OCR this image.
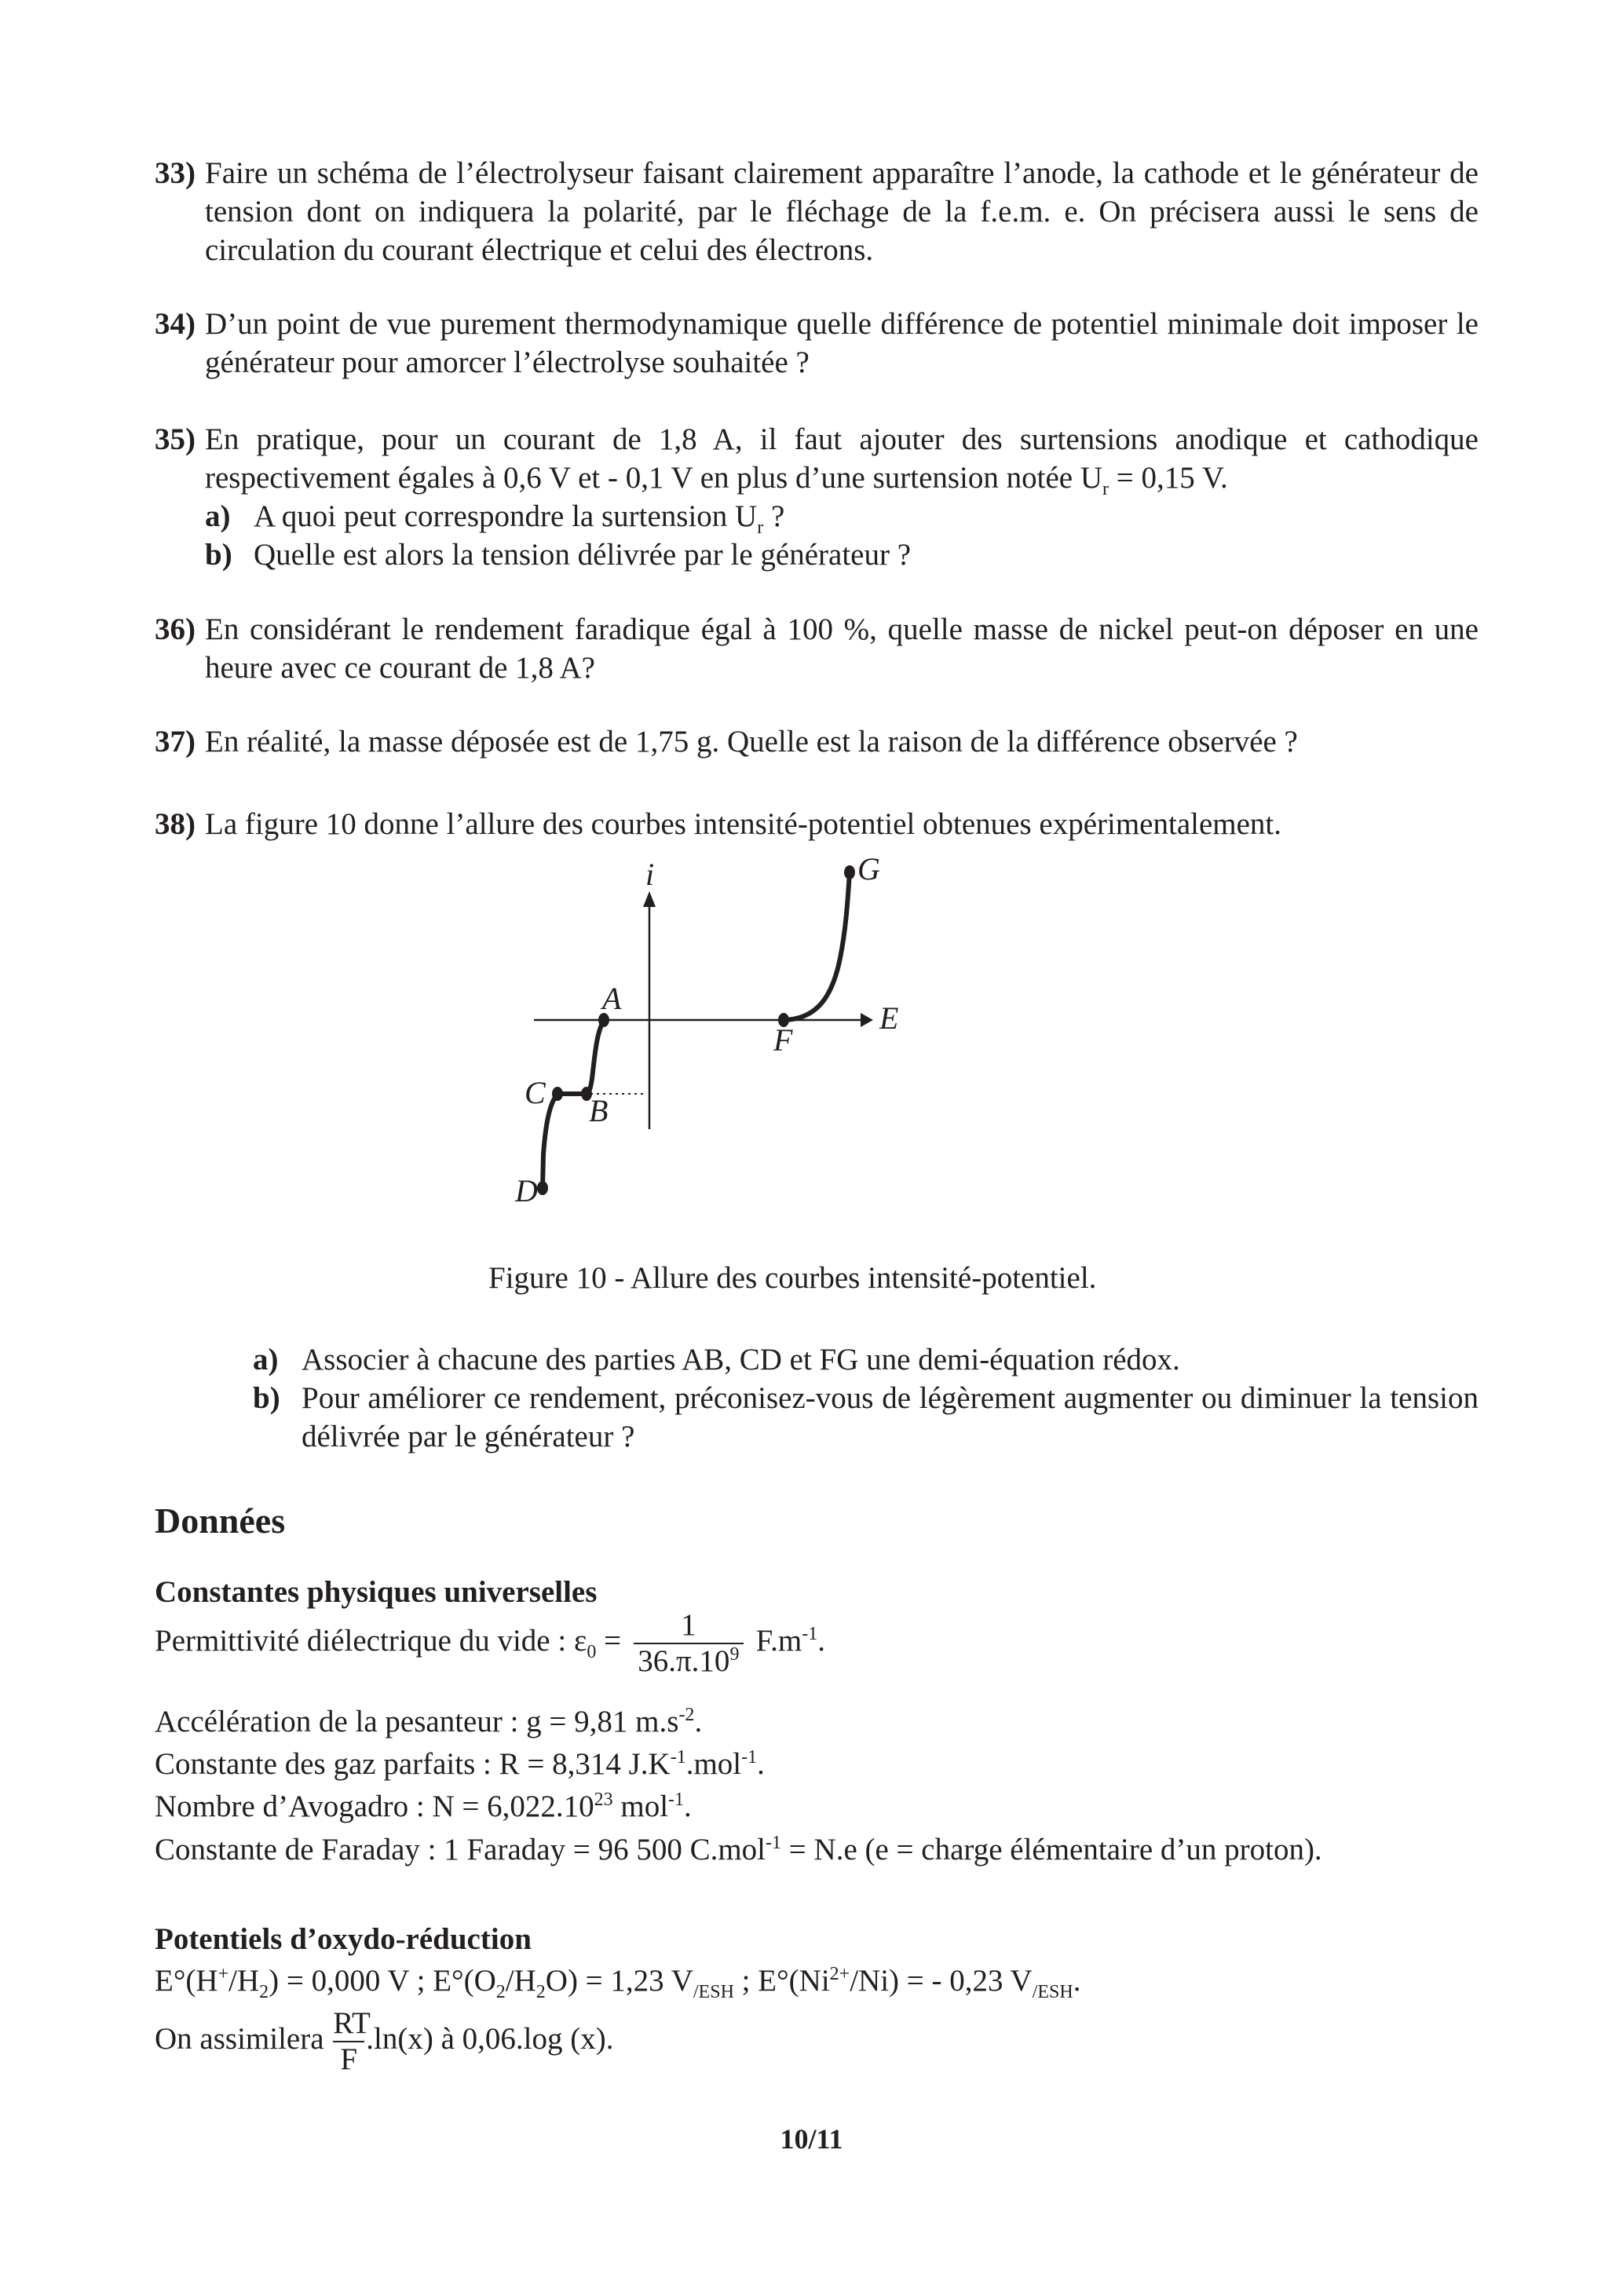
33) Faire un schéma de l’électrolyseur faisant clairement apparaître l’anode, la cathode et le générateur de tension dont on indiquera la polarité, par le fléchage de la f.e.m. e. On précisera aussi le sens de circulation du courant électrique et celui des électrons.
34) D’un point de vue purement thermodynamique quelle différence de potentiel minimale doit imposer le générateur pour amorcer l’électrolyse souhaitée ?
35) En pratique, pour un courant de 1,8 A, il faut ajouter des surtensions anodique et cathodique respectivement égales à 0,6 V et - 0,1 V en plus d’une surtension notée $U_r = 0,15$ V.
a) A quoi peut correspondre la surtension $U_r$ ?
b) Quelle est alors la tension délivrée par le générateur ?
36) En considérant le rendement faradique égal à 100 %, quelle masse de nickel peut-on déposer en une heure avec ce courant de 1,8 A?
37) En réalité, la masse déposée est de 1,75 g. Quelle est la raison de la différence observée ?
38) La figure 10 donne l’allure des courbes intensité-potentiel obtenues expérimentalement.
i
E
A
B
C
D
F
G
Figure 10 - Allure des courbes intensité-potentiel.
a) Associer à chacune des parties AB, CD et FG une demi-équation rédox.
b) Pour améliorer ce rendement, préconisez-vous de légèrement augmenter ou diminuer la tension délivrée par le générateur ?
Données
Constantes physiques universelles
Permittivité diélectrique du vide : $\varepsilon_0 = \frac{1}{36.\pi.10^9} F.m^{-1}$.
Accélération de la pesanteur : g = 9,81 $m.s^{-2}$.
Constante des gaz parfaits : R = 8,314 $J.K^{-1}.mol^{-1}$.
Nombre d’Avogadro : $N = 6,022.10^{23}$ mol$^{-1}$.
Constante de Faraday : 1 Faraday = 96 500 C.mol$^{-1}$ = N.e (e = charge élémentaire d’un proton).
Potentiels d’oxydo-réduction
$E^\circ(H^+/H_2) = 0,000$ V ; $E^\circ(O_2/H_2O) = 1,23$ $V_{/ESH}$ ; $E^\circ(Ni^{2+}/Ni)$ = - 0,23 $V_{/ESH}$.
On assimilera $\frac{RT}{F} .\ln(x)$ à 0,06.log (x).
10/11
